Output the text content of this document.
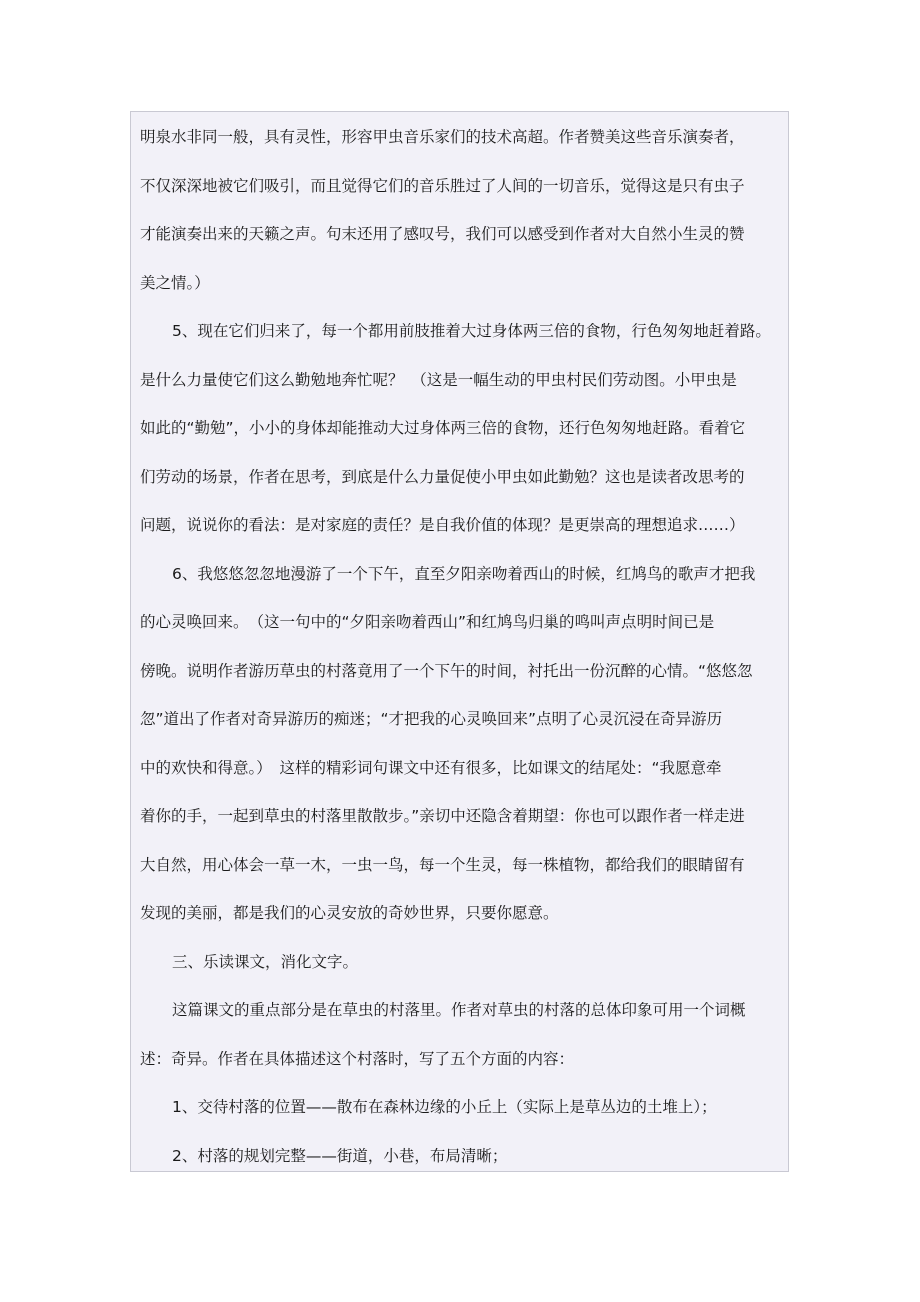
明泉水非同一般，具有灵性，形容甲虫音乐家们的技术高超。作者赞美这些音乐演奏者，
不仅深深地被它们吸引，而且觉得它们的音乐胜过了人间的一切音乐，觉得这是只有虫子
才能演奏出来的天籁之声。句末还用了感叹号，我们可以感受到作者对大自然小生灵的赞
美之情。）
5、现在它们归来了，每一个都用前肢推着大过身体两三倍的食物，行色匆匆地赶着路。
是什么力量使它们这么勤勉地奔忙呢？　（这是一幅生动的甲虫村民们劳动图。小甲虫是
如此的“勤勉”，小小的身体却能推动大过身体两三倍的食物，还行色匆匆地赶路。看着它
们劳动的场景，作者在思考，到底是什么力量促使小甲虫如此勤勉？这也是读者改思考的
问题，说说你的看法：是对家庭的责任？是自我价值的体现？是更崇高的理想追求……）
6、我悠悠忽忽地漫游了一个下午，直至夕阳亲吻着西山的时候，红鸠鸟的歌声才把我
的心灵唤回来。　（这一句中的“夕阳亲吻着西山”和红鸠鸟归巢的鸣叫声点明时间已是
傍晚。说明作者游历草虫的村落竟用了一个下午的时间，衬托出一份沉醉的心情。“悠悠忽
忽”道出了作者对奇异游历的痴迷；“才把我的心灵唤回来”点明了心灵沉浸在奇异游历
中的欢快和得意。）　这样的精彩词句课文中还有很多，比如课文的结尾处：“我愿意牵
着你的手，一起到草虫的村落里散散步。”亲切中还隐含着期望：你也可以跟作者一样走进
大自然，用心体会一草一木，一虫一鸟，每一个生灵，每一株植物，都给我们的眼睛留有
发现的美丽，都是我们的心灵安放的奇妙世界，只要你愿意。
三、乐读课文，消化文字。
这篇课文的重点部分是在草虫的村落里。作者对草虫的村落的总体印象可用一个词概
述：奇异。作者在具体描述这个村落时，写了五个方面的内容：
1、交待村落的位置——散布在森林边缘的小丘上（实际上是草丛边的土堆上）；
2、村落的规划完整——街道，小巷，布局清晰；
